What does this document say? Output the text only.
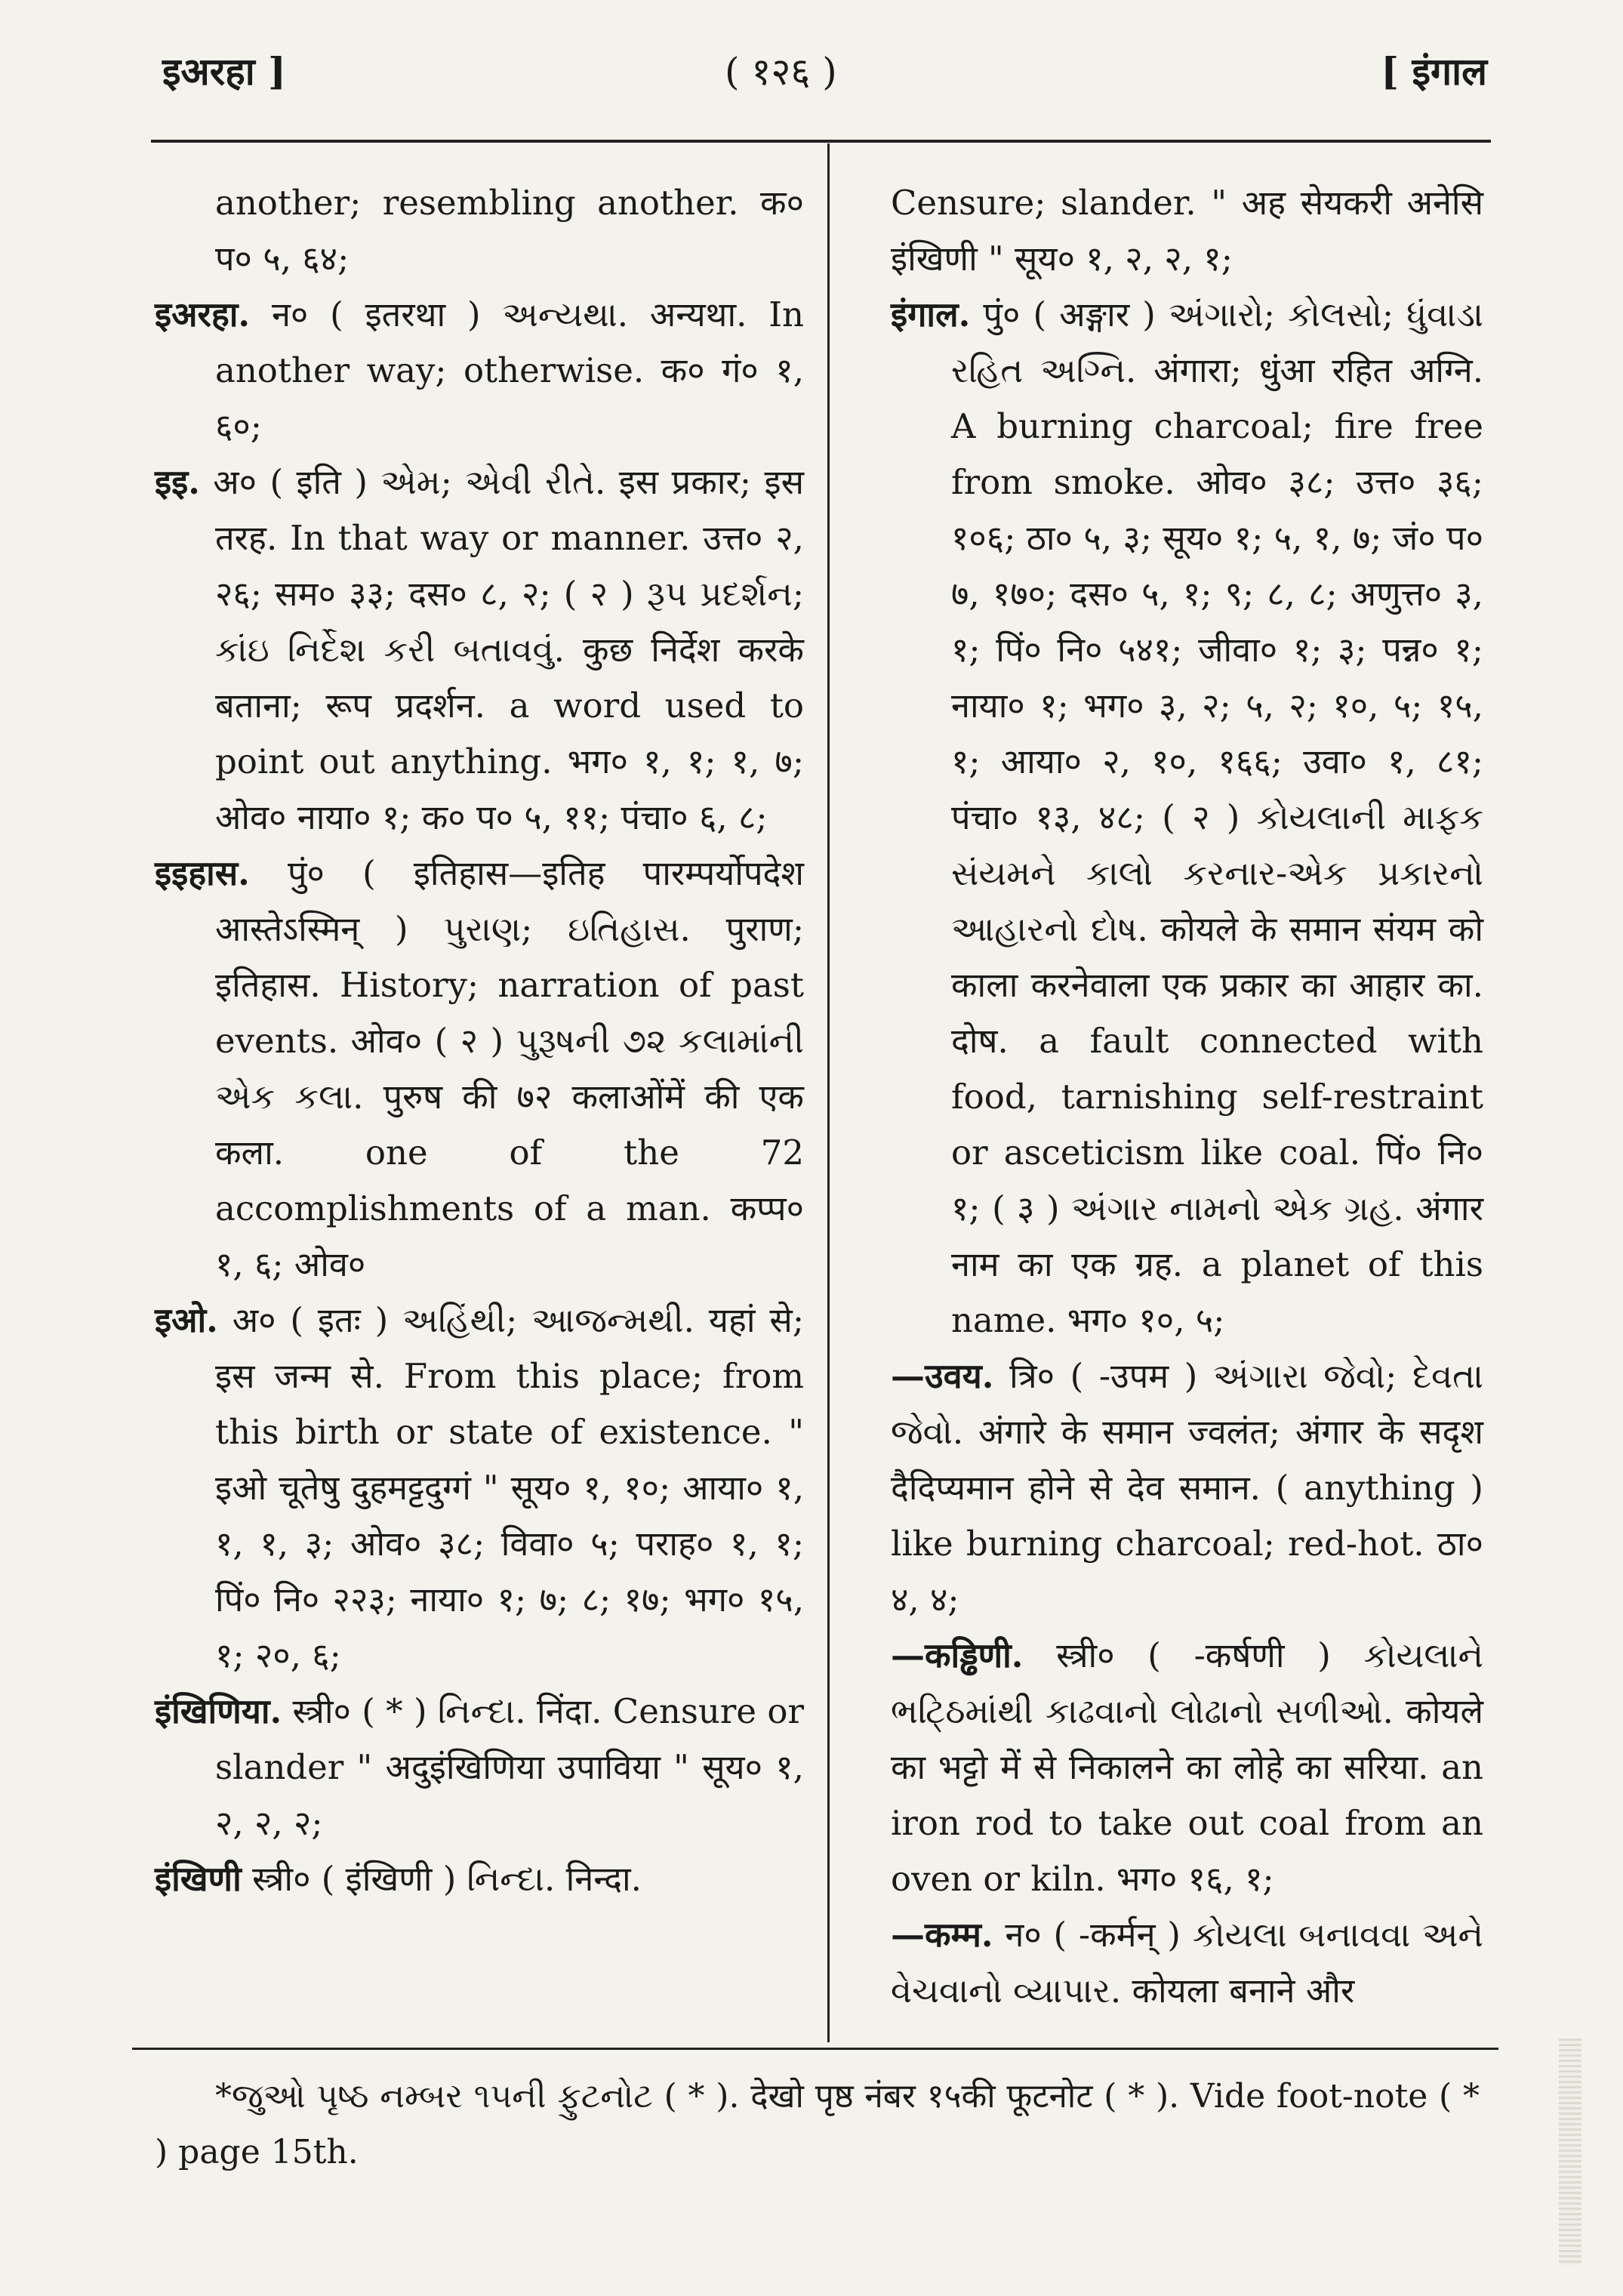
इअरहा ]	( १२६ )	[ इंगाल

another; resembling another. क० प० ५, ६४;

इअरहा. न० ( इतरथा ) અન્યથા. अन्यथा. In another way; otherwise. क० गं० १, ६०;

इइ. अ० ( इति ) એમ; એવી રીતે. इस प्रकार; इस तरह. In that way or manner. उत्त० २, २६; सम० ३३; दस० ८, २; ( २ ) રૂપ પ્રદર્શન; કાંઇ નિર્દેશ કરી બતાવવું. कुछ निर्देश करके बताना; रूप प्रदर्शन. a word used to point out anything. भग० १, १; १, ७; ओव० नाया० १; क० प० ५, ११; पंचा० ६, ८;

इइहास. पुं० ( इतिहास—इतिह पारम्पर्योपदेश आस्तेऽस्मिन् ) પુરાણ; ઇતિહાસ. पुराण; इतिहास. History; narration of past events. ओव० ( २ ) પુરૂષની ૭૨ કલામાંની એક કલા. पुरुष की ७२ कलाओंमें की एक कला. one of the 72 accomplishments of a man. कप्प० १, ६; ओव०

इओ. अ० ( इतः ) અહિંથી; આજન્મથી. यहां से; इस जन्म से. From this place; from this birth or state of existence. " इओ चूतेषु दुहमट्टदुग्गं " सूय० १, १०; आया० १, १, १, ३; ओव० ३८; विवा० ५; पराह० १, १; पिं० नि० २२३; नाया० १; ७; ८; १७; भग० १५, १; २०, ६;

इंखिणिया. स्त्री० ( * ) નિન્દા. निंदा. Censure or slander " अदुइंखिणिया उपाविया " सूय० १, २, २, २;

इंखिणी स्त्री० ( इंखिणी ) નિન્દા. निन्दा.

Censure; slander. " अह सेयकरी अनेसि इंखिणी " सूय० १, २, २, १;

इंगाल. पुं० ( अङ्गार ) અંગારો; કોલસો; ધુંવાડા રહિત અગ્નિ. अंगारा; धुंआ रहित अग्नि. A burning charcoal; fire free from smoke. ओव० ३८; उत्त० ३६; १०६; ठा० ५, ३; सूय० १; ५, १, ७; जं० प० ७, १७०; दस० ५, १; ९; ८, ८; अणुत्त० ३, १; पिं० नि० ५४१; जीवा० १; ३; पन्न० १; नाया० १; भग० ३, २; ५, २; १०, ५; १५, १; आया० २, १०, १६६; उवा० १, ८१; पंचा० १३, ४८; ( २ ) કોયલાની માફક સંયમને કાલો કરનાર-એક પ્રકારનો આહારનો દોષ. कोयले के समान संयम को काला करनेवाला एक प्रकार का आहार का. दोष. a fault connected with food, tarnishing self-restraint or asceticism like coal. पिं० नि० १; ( ३ ) અંગાર નામનો એક ગ્રહ. अंगार नाम का एक ग्रह. a planet of this name. भग० १०, ५;

—उवय. त्रि० ( -उपम ) અંગારા જેવો; દેવતા જેવો. अंगारे के समान ज्वलंत; अंगार के सदृश दैदिप्यमान होने से देव समान. ( anything ) like burning charcoal; red-hot. ठा० ४, ४;

—कड्ढिणी. स्त्री० ( -कर्षणी ) કોયલાને ભટ્ઠિમાંથી કાઢવાનો લોઢાનો સળીઓ. कोयले का भट्टो में से निकालने का लोहे का सरिया. an iron rod to take out coal from an oven or kiln. भग० १६, १;

—कम्म. न० ( -कर्मन् ) કોયલા બનાવવા અને વેચવાનો વ્યાપાર. कोयला बनाने और

*જુઓ પૃષ્ઠ નમ્બર ૧૫ની ફુટનોટ ( * ). देखो पृष्ठ नंबर १५की फूटनोट ( * ). Vide foot-note ( * ) page 15th.
